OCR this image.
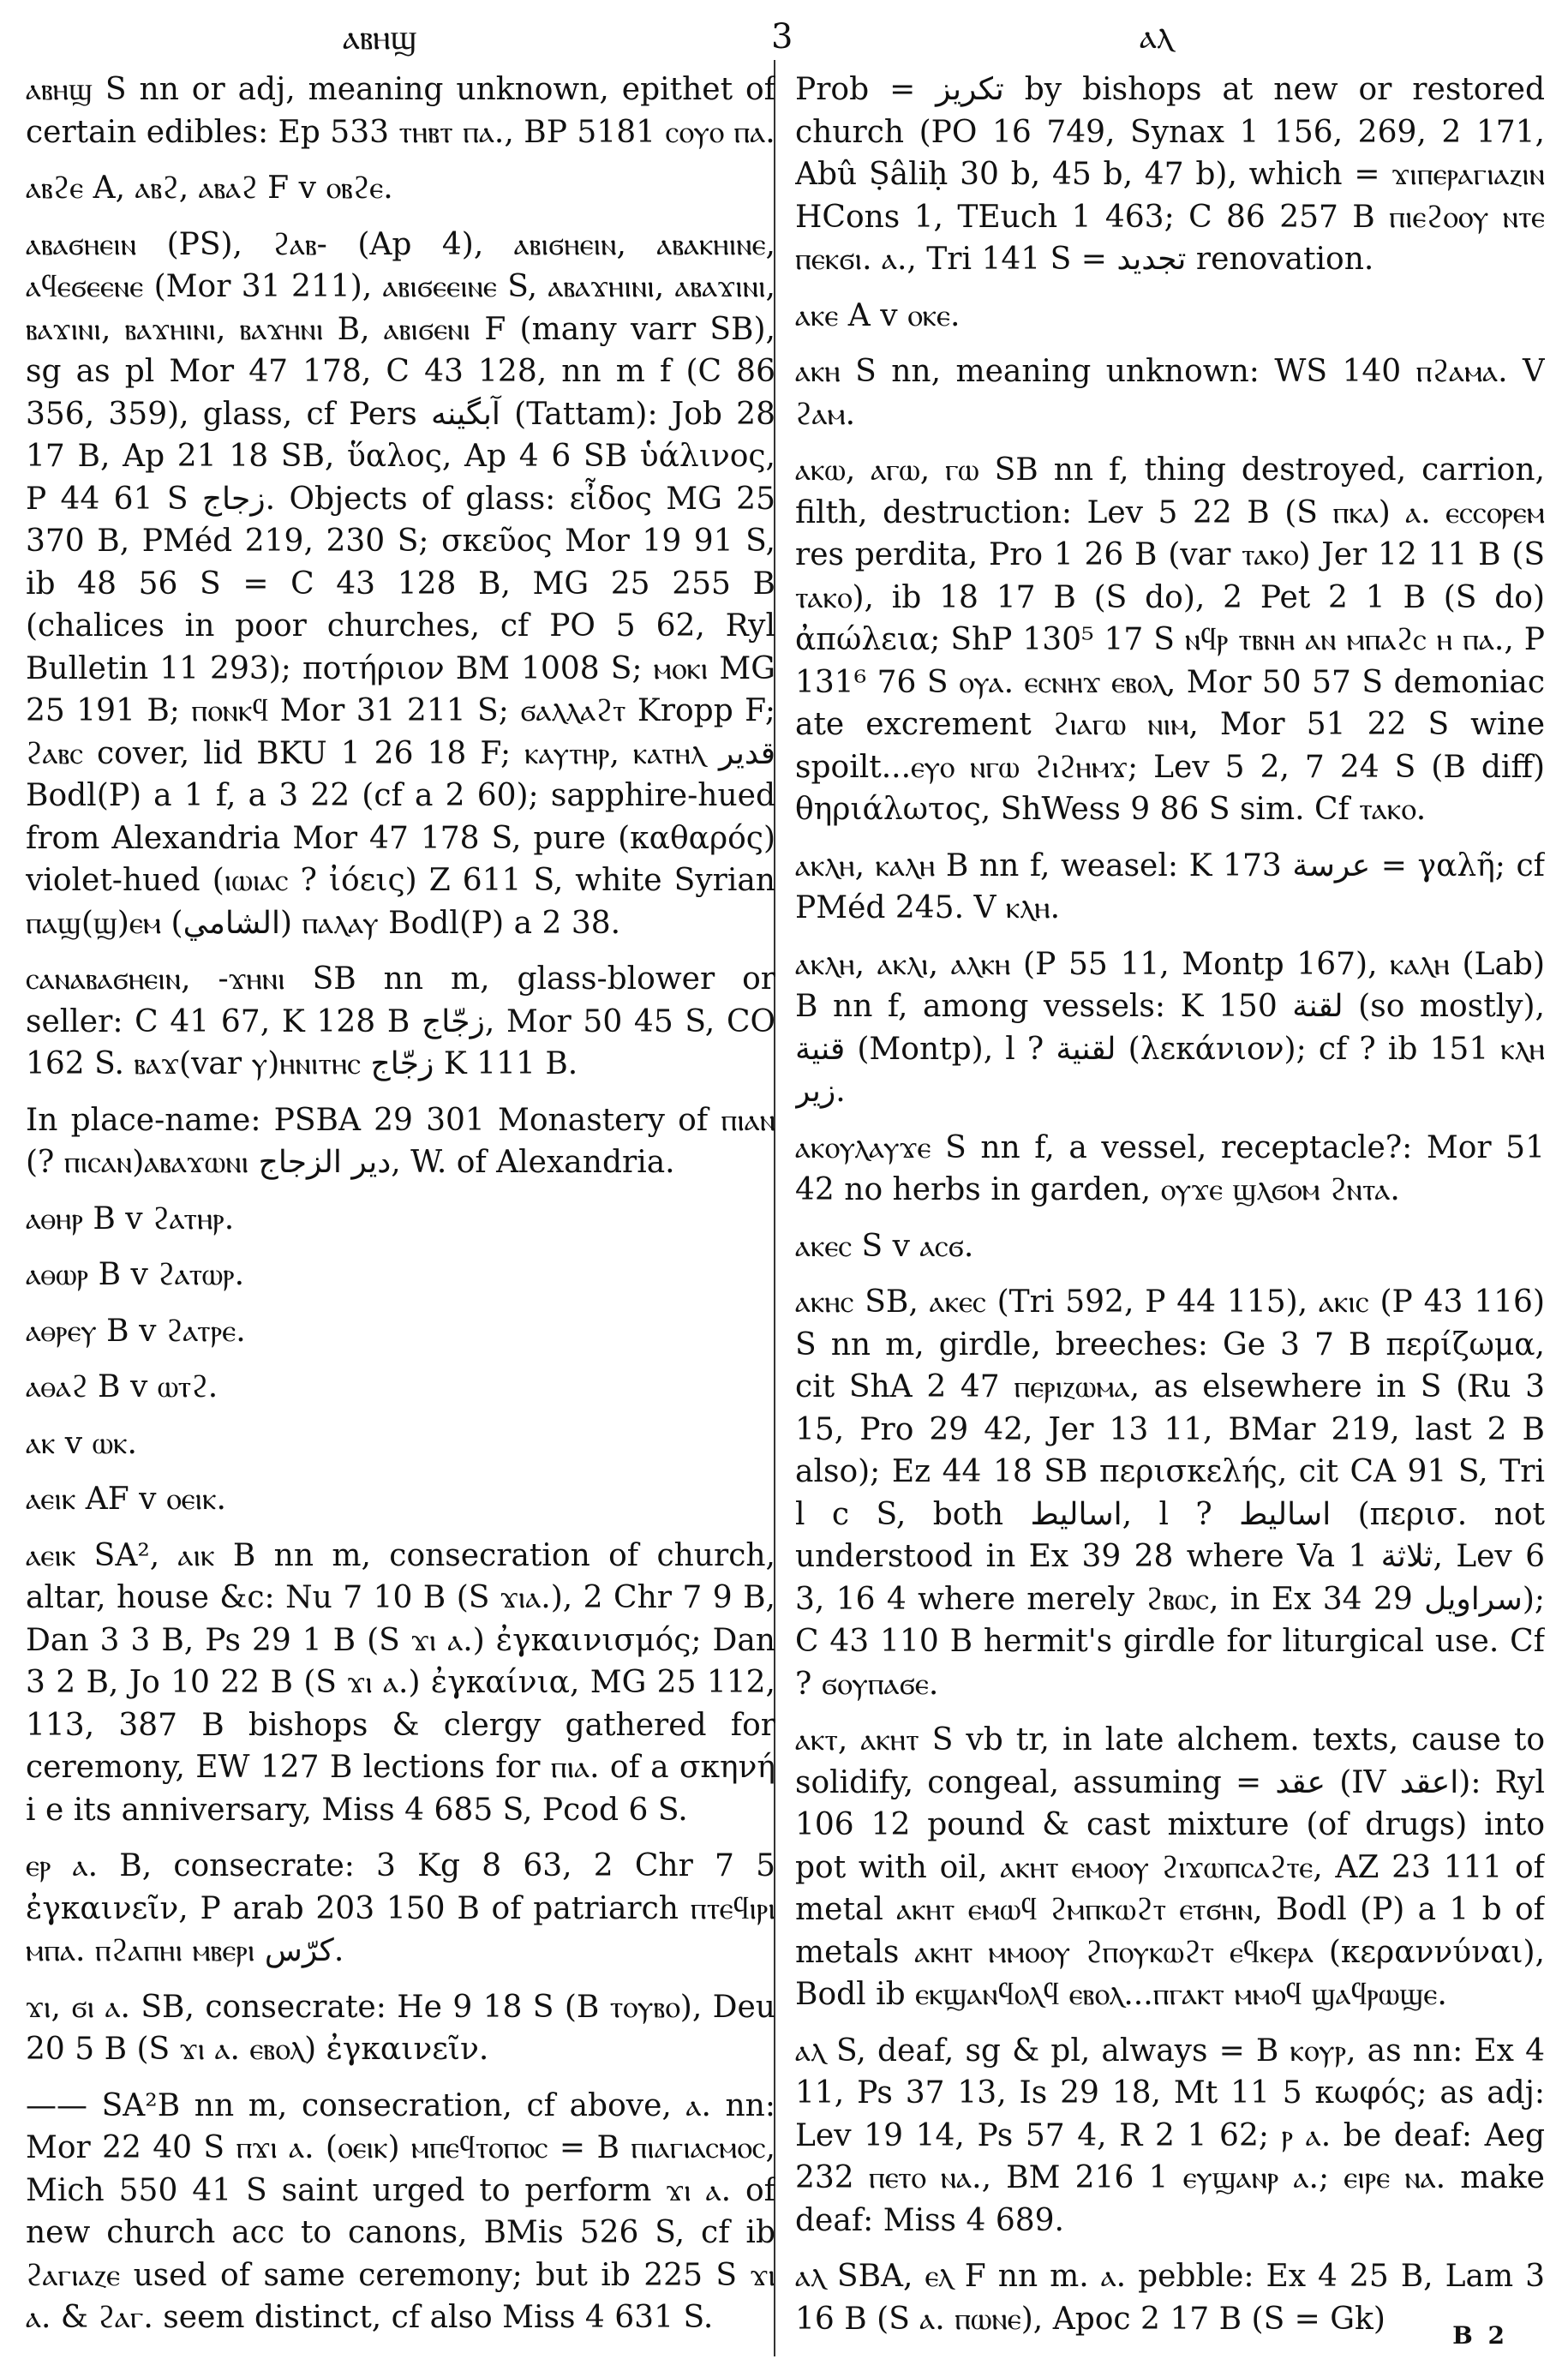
ⲁⲃⲏϣ	3	ⲁⲗ

ⲁⲃⲏϣ S nn or adj, meaning unknown, epithet of certain edibles: Ep 533 ⲧⲏⲃⲧ ⲡⲁ., BP 5181 ⲥⲟⲩⲟ ⲡⲁ.

ⲁⲃϩⲉ A, ⲁⲃϩ, ⲁⲃⲁϩ F v ⲟⲃϩⲉ.

ⲁⲃⲁϭⲏⲉⲓⲛ (PS), ϩⲁⲃ- (Ap 4), ⲁⲃⲓϭⲏⲉⲓⲛ, ⲁⲃⲁⲕⲏⲓⲛⲉ, ⲁϥⲉϭⲉⲉⲛⲉ (Mor 31 211), ⲁⲃⲓϭⲉⲉⲓⲛⲉ S, ⲁⲃⲁϫⲏⲓⲛⲓ, ⲁⲃⲁϫⲓⲛⲓ, ⲃⲁϫⲓⲛⲓ, ⲃⲁϫⲏⲓⲛⲓ, ⲃⲁϫⲏⲛⲓ B, ⲁⲃⲓϭⲉⲛⲓ F (many varr SB), sg as pl Mor 47 178, C 43 128, nn m f (C 86 356, 359), glass, cf Pers آبگینه (Tattam): Job 28 17 B, Ap 21 18 SB, ὕαλος, Ap 4 6 SB ὑάλινος, P 44 61 S زجاج. Objects of glass: εἶδος MG 25 370 B, PMéd 219, 230 S; σκεῦος Mor 19 91 S, ib 48 56 S = C 43 128 B, MG 25 255 B (chalices in poor churches, cf PO 5 62, Ryl Bulletin 11 293); ποτήριον BM 1008 S; ⲙⲟⲕⲓ MG 25 191 B; ⲡⲟⲛⲕϥ Mor 31 211 S; ϭⲁⲗⲗⲁϩⲧ Kropp F; ϩⲁⲃⲥ cover, lid BKU 1 26 18 F; ⲕⲁⲩⲧⲏⲣ, ⲕⲁⲧⲏⲗ قدير Bodl(P) a 1 f, a 3 22 (cf a 2 60); sapphire-hued from Alexandria Mor 47 178 S, pure (καθαρός) violet-hued (ⲓⲱⲓⲁⲥ ? ἰόεις) Z 611 S, white Syrian ⲡⲁϣ(ϣ)ⲉⲙ (الشامي) ⲡⲁⲗⲁⲩ Bodl(P) a 2 38.

ⲥⲁⲛⲁⲃⲁϭⲏⲉⲓⲛ, -ϫⲏⲛⲓ SB nn m, glass-blower or seller: C 41 67, K 128 B زجّاج, Mor 50 45 S, CO 162 S. ⲃⲁϫ(var ⲩ)ⲏⲛⲓⲧⲏⲥ زجّاج K 111 B.

In place-name: PSBA 29 301 Monastery of ⲡⲓⲁⲛ (? ⲡⲓⲥⲁⲛ)ⲁⲃⲁϫⲱⲛⲓ دير الزجاج, W. of Alexandria.

ⲁⲑⲏⲣ B v ϩⲁⲧⲏⲣ.

ⲁⲑⲱⲣ B v ϩⲁⲧⲱⲣ.

ⲁⲑⲣⲉⲩ B v ϩⲁⲧⲣⲉ.

ⲁⲑⲁϩ B v ⲱⲧϩ.

ⲁⲕ v ⲱⲕ.

ⲁⲉⲓⲕ AF v ⲟⲉⲓⲕ.

ⲁⲉⲓⲕ SA², ⲁⲓⲕ B nn m, consecration of church, altar, house &c: Nu 7 10 B (S ϫⲓⲁ.), 2 Chr 7 9 B, Dan 3 3 B, Ps 29 1 B (S ϫⲓ ⲁ.) ἐγκαινισμός; Dan 3 2 B, Jo 10 22 B (S ϫⲓ ⲁ.) ἐγκαίνια, MG 25 112, 113, 387 B bishops & clergy gathered for ceremony, EW 127 B lections for ⲡⲓⲁ. of a σκηνή i e its anniversary, Miss 4 685 S, Pcod 6 S.

ⲉⲣ ⲁ. B, consecrate: 3 Kg 8 63, 2 Chr 7 5 ἐγκαινεῖν, P arab 203 150 B of patriarch ⲡⲧⲉϥⲓⲣⲓ ⲙⲡⲁ. ⲡϩⲁⲡⲏⲓ ⲙⲃⲉⲣⲓ كرّس.

ϫⲓ, ϭⲓ ⲁ. SB, consecrate: He 9 18 S (B ⲧⲟⲩⲃⲟ), Deu 20 5 B (S ϫⲓ ⲁ. ⲉⲃⲟⲗ) ἐγκαινεῖν.

—— SA²B nn m, consecration, cf above, ⲁ. nn: Mor 22 40 S ⲡϫⲓ ⲁ. (ⲟⲉⲓⲕ) ⲙⲡⲉϥⲧⲟⲡⲟⲥ = B ⲡⲓⲁⲅⲓⲁⲥⲙⲟⲥ, Mich 550 41 S saint urged to perform ϫⲓ ⲁ. of new church acc to canons, BMis 526 S, cf ib ϩⲁⲅⲓⲁⲍⲉ used of same ceremony; but ib 225 S ϫⲓ ⲁ. & ϩⲁⲅ. seem distinct, cf also Miss 4 631 S.

Prob = تكريز by bishops at new or restored church (PO 16 749, Synax 1 156, 269, 2 171, Abû Ṣâliḥ 30 b, 45 b, 47 b), which = ϫⲓⲡⲉⲣⲁⲅⲓⲁⲍⲓⲛ HCons 1, TEuch 1 463; C 86 257 B ⲡⲓⲉϩⲟⲟⲩ ⲛⲧⲉ ⲡⲉⲕϭⲓ. ⲁ., Tri 141 S = تجديد renovation.

ⲁⲕⲉ A v ⲟⲕⲉ.

ⲁⲕⲏ S nn, meaning unknown: WS 140 ⲡϩⲁⲙⲁ. V ϩⲁⲙ.

ⲁⲕⲱ, ⲁⲅⲱ, ⲅⲱ SB nn f, thing destroyed, carrion, filth, destruction: Lev 5 22 B (S ⲡⲕⲁ) ⲁ. ⲉⲥⲥⲟⲣⲉⲙ res perdita, Pro 1 26 B (var ⲧⲁⲕⲟ) Jer 12 11 B (S ⲧⲁⲕⲟ), ib 18 17 B (S do), 2 Pet 2 1 B (S do) ἀπώλεια; ShP 130⁵ 17 S ⲛϥⲣ ⲧⲃⲛⲏ ⲁⲛ ⲙⲡⲁϩⲥ ⲏ ⲡⲁ., P 131⁶ 76 S ⲟⲩⲁ. ⲉⲥⲛⲏϫ ⲉⲃⲟⲗ, Mor 50 57 S demoniac ate excrement ϩⲓⲁⲅⲱ ⲛⲓⲙ, Mor 51 22 S wine spoilt...ⲉⲩⲟ ⲛⲅⲱ ϩⲓϩⲏⲙϫ; Lev 5 2, 7 24 S (B diff) θηριάλωτος, ShWess 9 86 S sim. Cf ⲧⲁⲕⲟ.

ⲁⲕⲗⲏ, ⲕⲁⲗⲏ B nn f, weasel: K 173 عرسة = γαλῆ; cf PMéd 245. V ⲕⲗⲏ.

ⲁⲕⲗⲏ, ⲁⲕⲗⲓ, ⲁⲗⲕⲏ (P 55 11, Montp 167), ⲕⲁⲗⲏ (Lab) B nn f, among vessels: K 150 لقنة (so mostly), قنية (Montp), l ? لقنية (λεκάνιον); cf ? ib 151 ⲕⲗⲏ زير.

ⲁⲕⲟⲩⲗⲁⲩϫⲉ S nn f, a vessel, receptacle?: Mor 51 42 no herbs in garden, ⲟⲩϫⲉ ϣⲗϭⲟⲙ ϩⲛⲧⲁ.

ⲁⲕⲉⲥ S v ⲁⲥϭ.

ⲁⲕⲏⲥ SB, ⲁⲕⲉⲥ (Tri 592, P 44 115), ⲁⲕⲓⲥ (P 43 116) S nn m, girdle, breeches: Ge 3 7 B περίζωμα, cit ShA 2 47 ⲡⲉⲣⲓⲍⲱⲙⲁ, as elsewhere in S (Ru 3 15, Pro 29 42, Jer 13 11, BMar 219, last 2 B also); Ez 44 18 SB περισκελής, cit CA 91 S, Tri l c S, both اساليط, l ? اساليط (περισ. not understood in Ex 39 28 where Va 1 ثلاثة, Lev 6 3, 16 4 where merely ϩⲃⲱⲥ, in Ex 34 29 سراويل); C 43 110 B hermit's girdle for liturgical use. Cf ? ϭⲟⲩⲡⲁϭⲉ.

ⲁⲕⲧ, ⲁⲕⲏⲧ S vb tr, in late alchem. texts, cause to solidify, congeal, assuming = عقد (IV اعقد): Ryl 106 12 pound & cast mixture (of drugs) into pot with oil, ⲁⲕⲏⲧ ⲉⲙⲟⲟⲩ ϩⲓϫⲱⲡⲥⲁϩⲧⲉ, AZ 23 111 of metal ⲁⲕⲏⲧ ⲉⲙⲱϥ ϩⲙⲡⲕⲱϩⲧ ⲉⲧϭⲏⲛ, Bodl (P) a 1 b of metals ⲁⲕⲏⲧ ⲙⲙⲟⲟⲩ ϩⲡⲟⲩⲕⲱϩⲧ ⲉϥⲕⲉⲣⲁ (κεραννύναι), Bodl ib ⲉⲕϣⲁⲛϥⲟⲗϥ ⲉⲃⲟⲗ...ⲡⲅⲁⲕⲧ ⲙⲙⲟϥ ϣⲁϥⲣⲱϣⲉ.

ⲁⲗ S, deaf, sg & pl, always = B ⲕⲟⲩⲣ, as nn: Ex 4 11, Ps 37 13, Is 29 18, Mt 11 5 κωφός; as adj: Lev 19 14, Ps 57 4, R 2 1 62; ⲣ ⲁ. be deaf: Aeg 232 ⲡⲉⲧⲟ ⲛⲁ., BM 216 1 ⲉⲩϣⲁⲛⲣ ⲁ.; ⲉⲓⲣⲉ ⲛⲁ. make deaf: Miss 4 689.

ⲁⲗ SBA, ⲉⲗ F nn m. ⲁ. pebble: Ex 4 25 B, Lam 3 16 B (S ⲁ. ⲡⲱⲛⲉ), Apoc 2 17 B (S = Gk)	B 2
